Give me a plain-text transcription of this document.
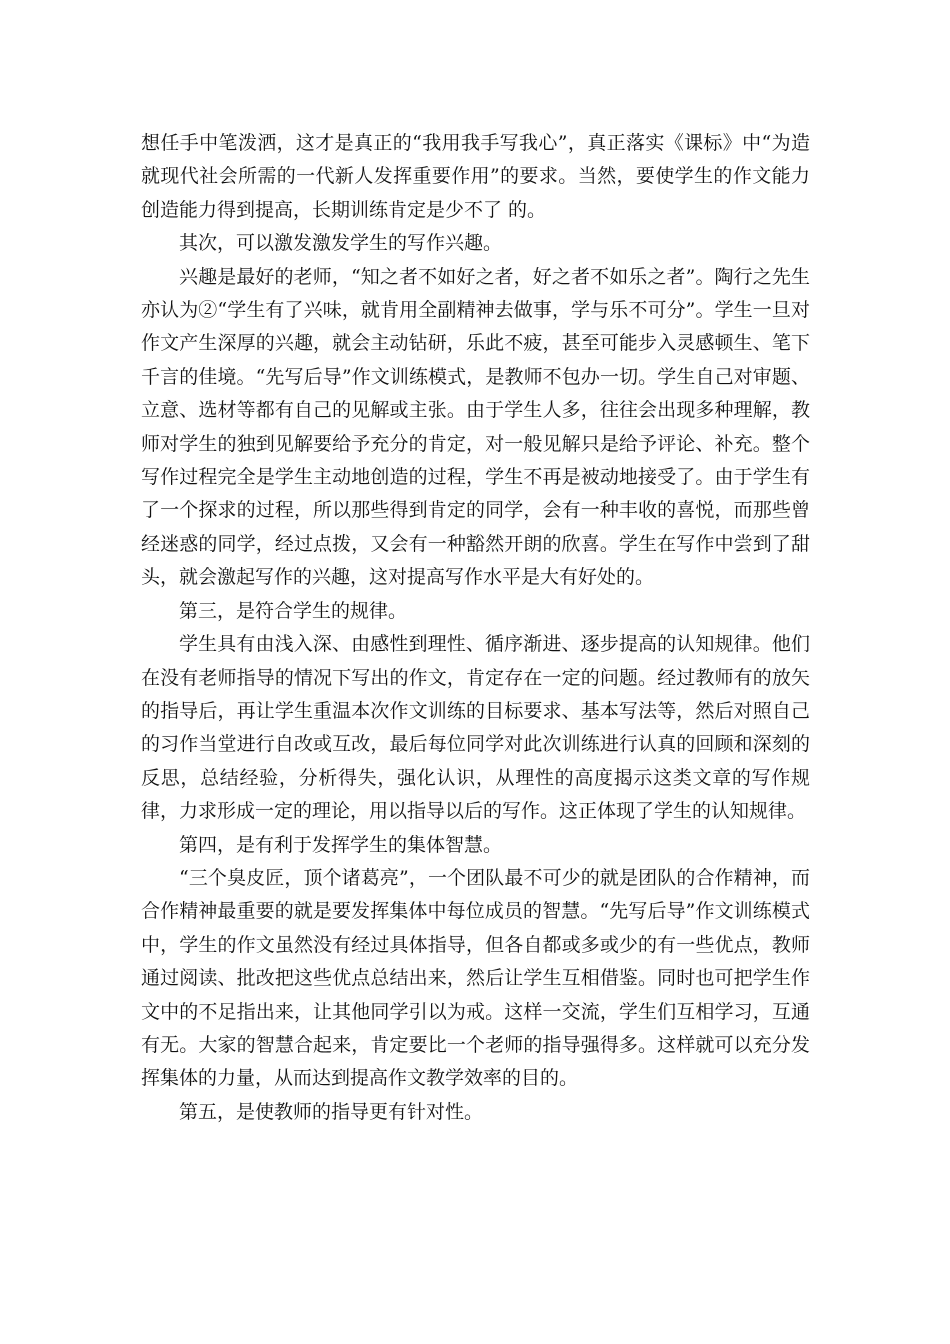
想任手中笔泼洒，这才是真正的“我用我手写我心”，真正落实《课标》中“为造就现代社会所需的一代新人发挥重要作用”的要求。当然，要使学生的作文能力创造能力得到提高，长期训练肯定是少不了 的。

其次，可以激发激发学生的写作兴趣。

兴趣是最好的老师，“知之者不如好之者，好之者不如乐之者”。陶行之先生亦认为②“学生有了兴味，就肯用全副精神去做事，学与乐不可分”。学生一旦对作文产生深厚的兴趣，就会主动钻研，乐此不疲，甚至可能步入灵感顿生、笔下千言的佳境。“先写后导”作文训练模式，是教师不包办一切。学生自己对审题、立意、选材等都有自己的见解或主张。由于学生人多，往往会出现多种理解，教师对学生的独到见解要给予充分的肯定，对一般见解只是给予评论、补充。整个写作过程完全是学生主动地创造的过程，学生不再是被动地接受了。由于学生有了一个探求的过程，所以那些得到肯定的同学，会有一种丰收的喜悦，而那些曾经迷惑的同学，经过点拨，又会有一种豁然开朗的欣喜。学生在写作中尝到了甜头，就会激起写作的兴趣，这对提高写作水平是大有好处的。

第三，是符合学生的规律。

学生具有由浅入深、由感性到理性、循序渐进、逐步提高的认知规律。他们在没有老师指导的情况下写出的作文，肯定存在一定的问题。经过教师有的放矢的指导后，再让学生重温本次作文训练的目标要求、基本写法等，然后对照自己的习作当堂进行自改或互改，最后每位同学对此次训练进行认真的回顾和深刻的反思，总结经验，分析得失，强化认识，从理性的高度揭示这类文章的写作规律，力求形成一定的理论，用以指导以后的写作。这正体现了学生的认知规律。

第四，是有利于发挥学生的集体智慧。

“三个臭皮匠，顶个诸葛亮”，一个团队最不可少的就是团队的合作精神，而合作精神最重要的就是要发挥集体中每位成员的智慧。“先写后导”作文训练模式中，学生的作文虽然没有经过具体指导，但各自都或多或少的有一些优点，教师通过阅读、批改把这些优点总结出来，然后让学生互相借鉴。同时也可把学生作文中的不足指出来，让其他同学引以为戒。这样一交流，学生们互相学习，互通有无。大家的智慧合起来，肯定要比一个老师的指导强得多。这样就可以充分发挥集体的力量，从而达到提高作文教学效率的目的。

第五，是使教师的指导更有针对性。
